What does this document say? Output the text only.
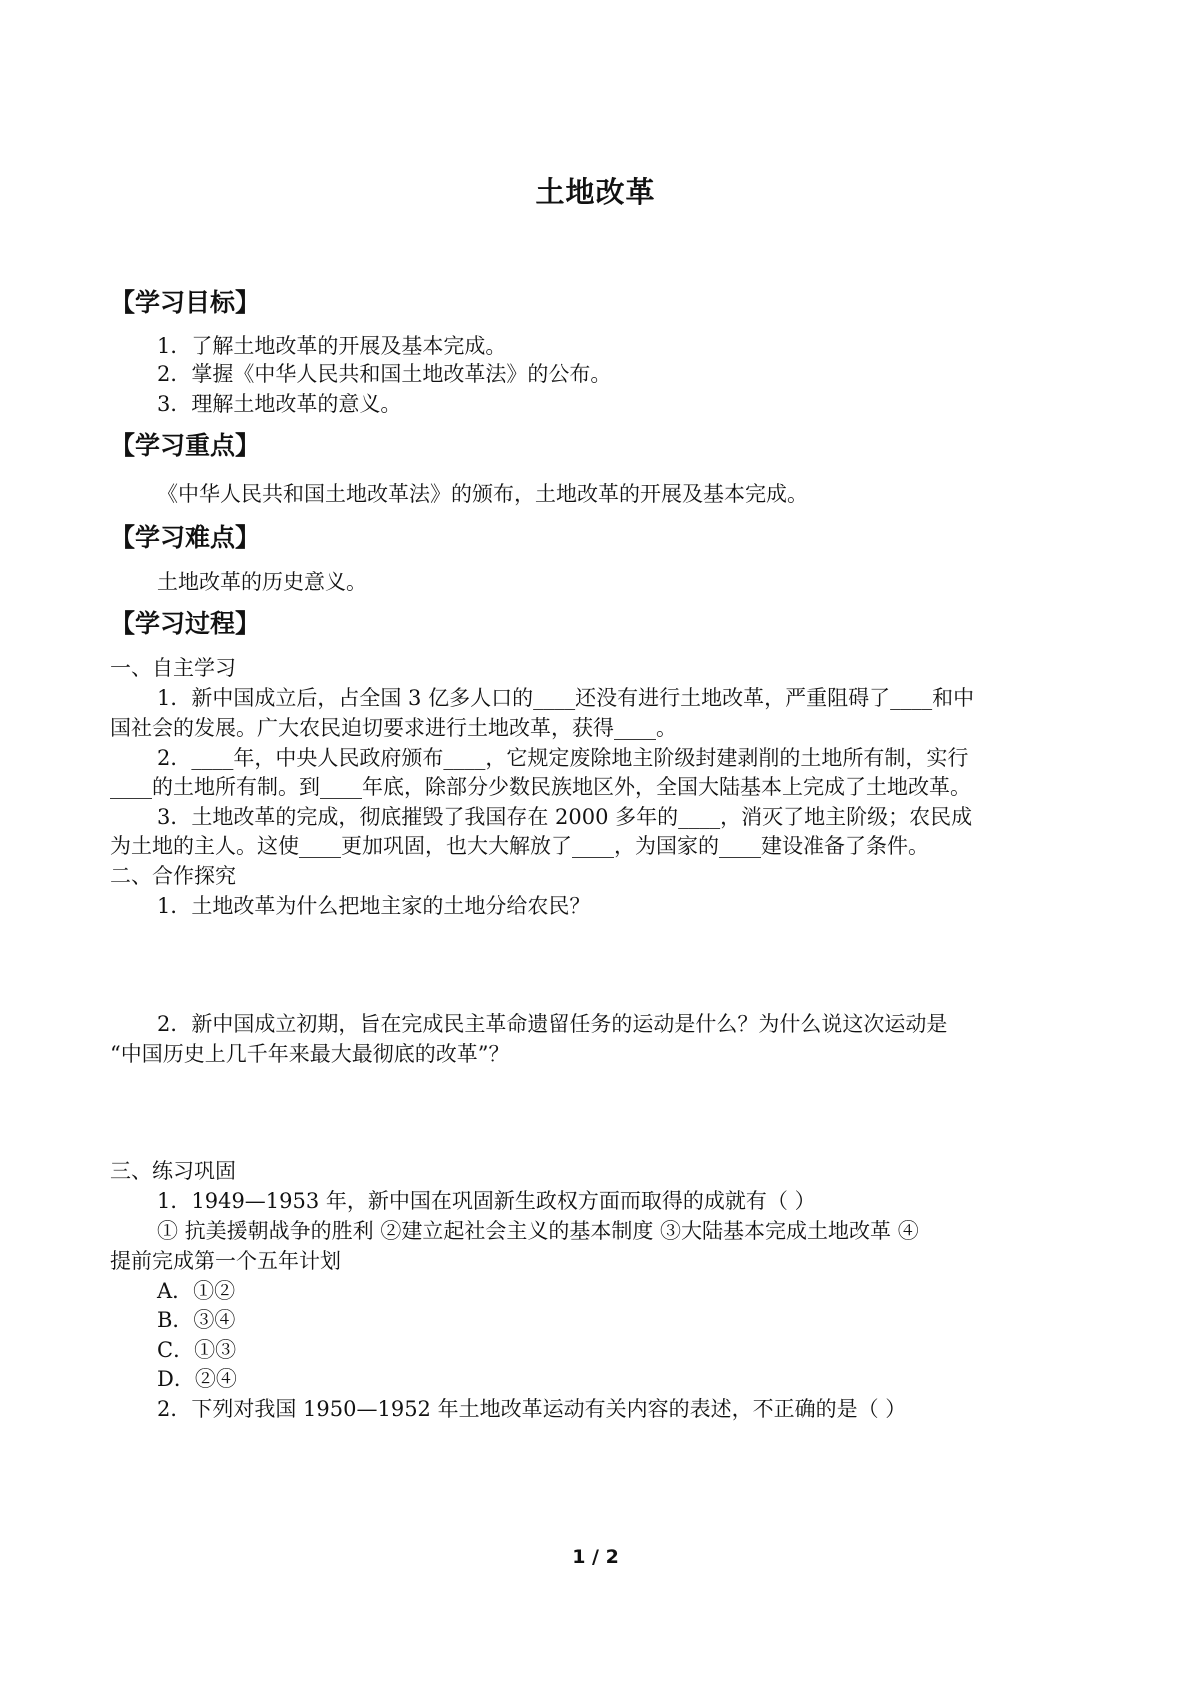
土地改革
【学习目标】
1．了解土地改革的开展及基本完成。
2．掌握《中华人民共和国土地改革法》的公布。
3．理解土地改革的意义。
【学习重点】
《中华人民共和国土地改革法》的颁布，土地改革的开展及基本完成。
【学习难点】
土地改革的历史意义。
【学习过程】
一、自主学习
1．新中国成立后，占全国 3 亿多人口的____还没有进行土地改革，严重阻碍了____和中
国社会的发展。广大农民迫切要求进行土地改革，获得____。
2．____年，中央人民政府颁布____，它规定废除地主阶级封建剥削的土地所有制，实行
____的土地所有制。到____年底，除部分少数民族地区外，全国大陆基本上完成了土地改革。
3．土地改革的完成，彻底摧毁了我国存在 2000 多年的____，消灭了地主阶级；农民成
为土地的主人。这使____更加巩固，也大大解放了____，为国家的____建设准备了条件。
二、合作探究
1．土地改革为什么把地主家的土地分给农民？
2．新中国成立初期，旨在完成民主革命遗留任务的运动是什么？为什么说这次运动是
“中国历史上几千年来最大最彻底的改革”？
三、练习巩固
1．1949—1953 年，新中国在巩固新生政权方面而取得的成就有（ ）
① 抗美援朝战争的胜利 ②建立起社会主义的基本制度 ③大陆基本完成土地改革 ④
提前完成第一个五年计划
A．①②
B．③④
C．①③
D．②④
2．下列对我国 1950—1952 年土地改革运动有关内容的表述，不正确的是（ ）
1 / 2
